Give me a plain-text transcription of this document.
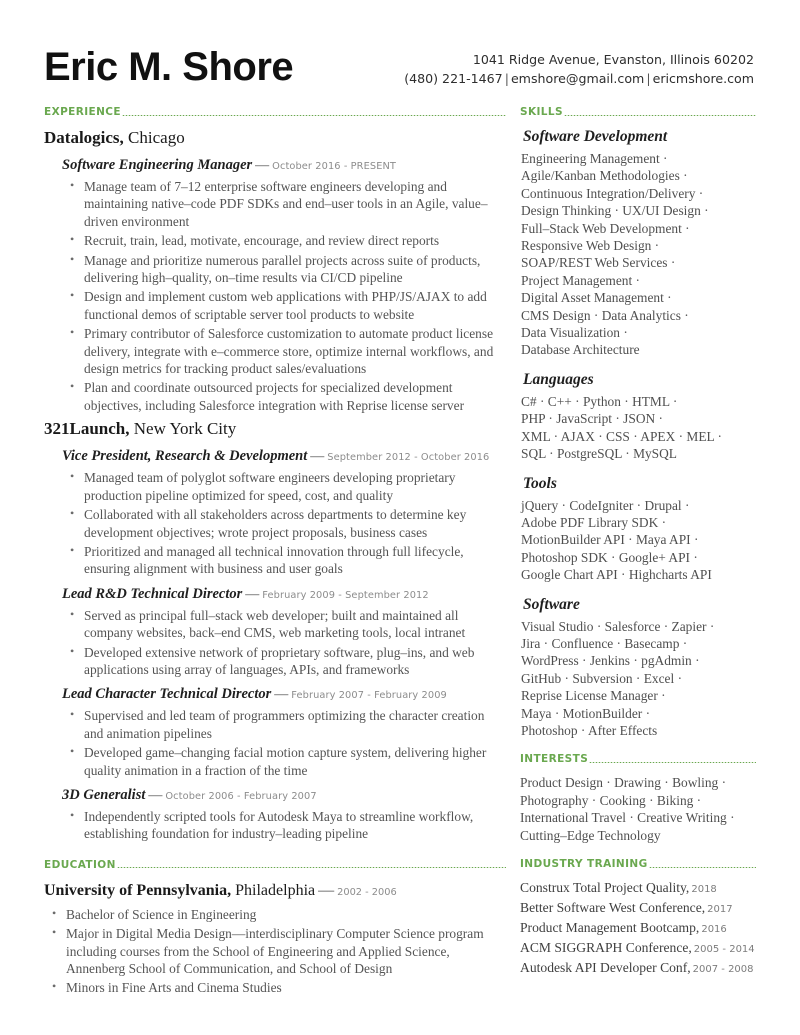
Eric M. Shore	1041 Ridge Avenue, Evanston, Illinois 60202
(480) 221-1467 | emshore@gmail.com | ericmshore.com
EXPERIENCE
Datalogics, Chicago
Software Engineering Manager — October 2016 - PRESENT
• Manage team of 7–12 enterprise software engineers developing and maintaining native–code PDF SDKs and end–user tools in an Agile, value–driven environment
• Recruit, train, lead, motivate, encourage, and review direct reports
• Manage and prioritize numerous parallel projects across suite of products, delivering high–quality, on–time results via CI/CD pipeline
• Design and implement custom web applications with PHP/JS/AJAX to add functional demos of scriptable server tool products to website
• Primary contributor of Salesforce customization to automate product license delivery, integrate with e–commerce store, optimize internal workflows, and design metrics for tracking product sales/evaluations
• Plan and coordinate outsourced projects for specialized development objectives, including Salesforce integration with Reprise license server
321Launch, New York City
Vice President, Research & Development — September 2012 - October 2016
• Managed team of polyglot software engineers developing proprietary production pipeline optimized for speed, cost, and quality
• Collaborated with all stakeholders across departments to determine key development objectives; wrote project proposals, business cases
• Prioritized and managed all technical innovation through full lifecycle, ensuring alignment with business and user goals
Lead R&D Technical Director — February 2009 - September 2012
• Served as principal full–stack web developer; built and maintained all company websites, back–end CMS, web marketing tools, local intranet
• Developed extensive network of proprietary software, plug–ins, and web applications using array of languages, APIs, and frameworks
Lead Character Technical Director — February 2007 - February 2009
• Supervised and led team of programmers optimizing the character creation and animation pipelines
• Developed game–changing facial motion capture system, delivering higher quality animation in a fraction of the time
3D Generalist — October 2006 - February 2007
• Independently scripted tools for Autodesk Maya to streamline workflow, establishing foundation for industry–leading pipeline
EDUCATION
University of Pennsylvania, Philadelphia — 2002 - 2006
• Bachelor of Science in Engineering
• Major in Digital Media Design—interdisciplinary Computer Science program including courses from the School of Engineering and Applied Science, Annenberg School of Communication, and School of Design
• Minors in Fine Arts and Cinema Studies
SKILLS
Software Development
Engineering Management ·
Agile/Kanban Methodologies ·
Continuous Integration/Delivery ·
Design Thinking · UX/UI Design ·
Full–Stack Web Development ·
Responsive Web Design ·
SOAP/REST Web Services ·
Project Management ·
Digital Asset Management ·
CMS Design · Data Analytics ·
Data Visualization ·
Database Architecture
Languages
C# · C++ · Python · HTML ·
PHP · JavaScript · JSON ·
XML · AJAX · CSS · APEX · MEL ·
SQL · PostgreSQL · MySQL
Tools
jQuery · CodeIgniter · Drupal ·
Adobe PDF Library SDK ·
MotionBuilder API · Maya API ·
Photoshop SDK · Google+ API ·
Google Chart API · Highcharts API
Software
Visual Studio · Salesforce · Zapier ·
Jira · Confluence · Basecamp ·
WordPress · Jenkins · pgAdmin ·
GitHub · Subversion · Excel ·
Reprise License Manager ·
Maya · MotionBuilder ·
Photoshop · After Effects
INTERESTS
Product Design · Drawing · Bowling ·
Photography · Cooking · Biking ·
International Travel · Creative Writing ·
Cutting–Edge Technology
INDUSTRY TRAINING
Construx Total Project Quality, 2018
Better Software West Conference, 2017
Product Management Bootcamp, 2016
ACM SIGGRAPH Conference, 2005 - 2014
Autodesk API Developer Conf, 2007 - 2008
